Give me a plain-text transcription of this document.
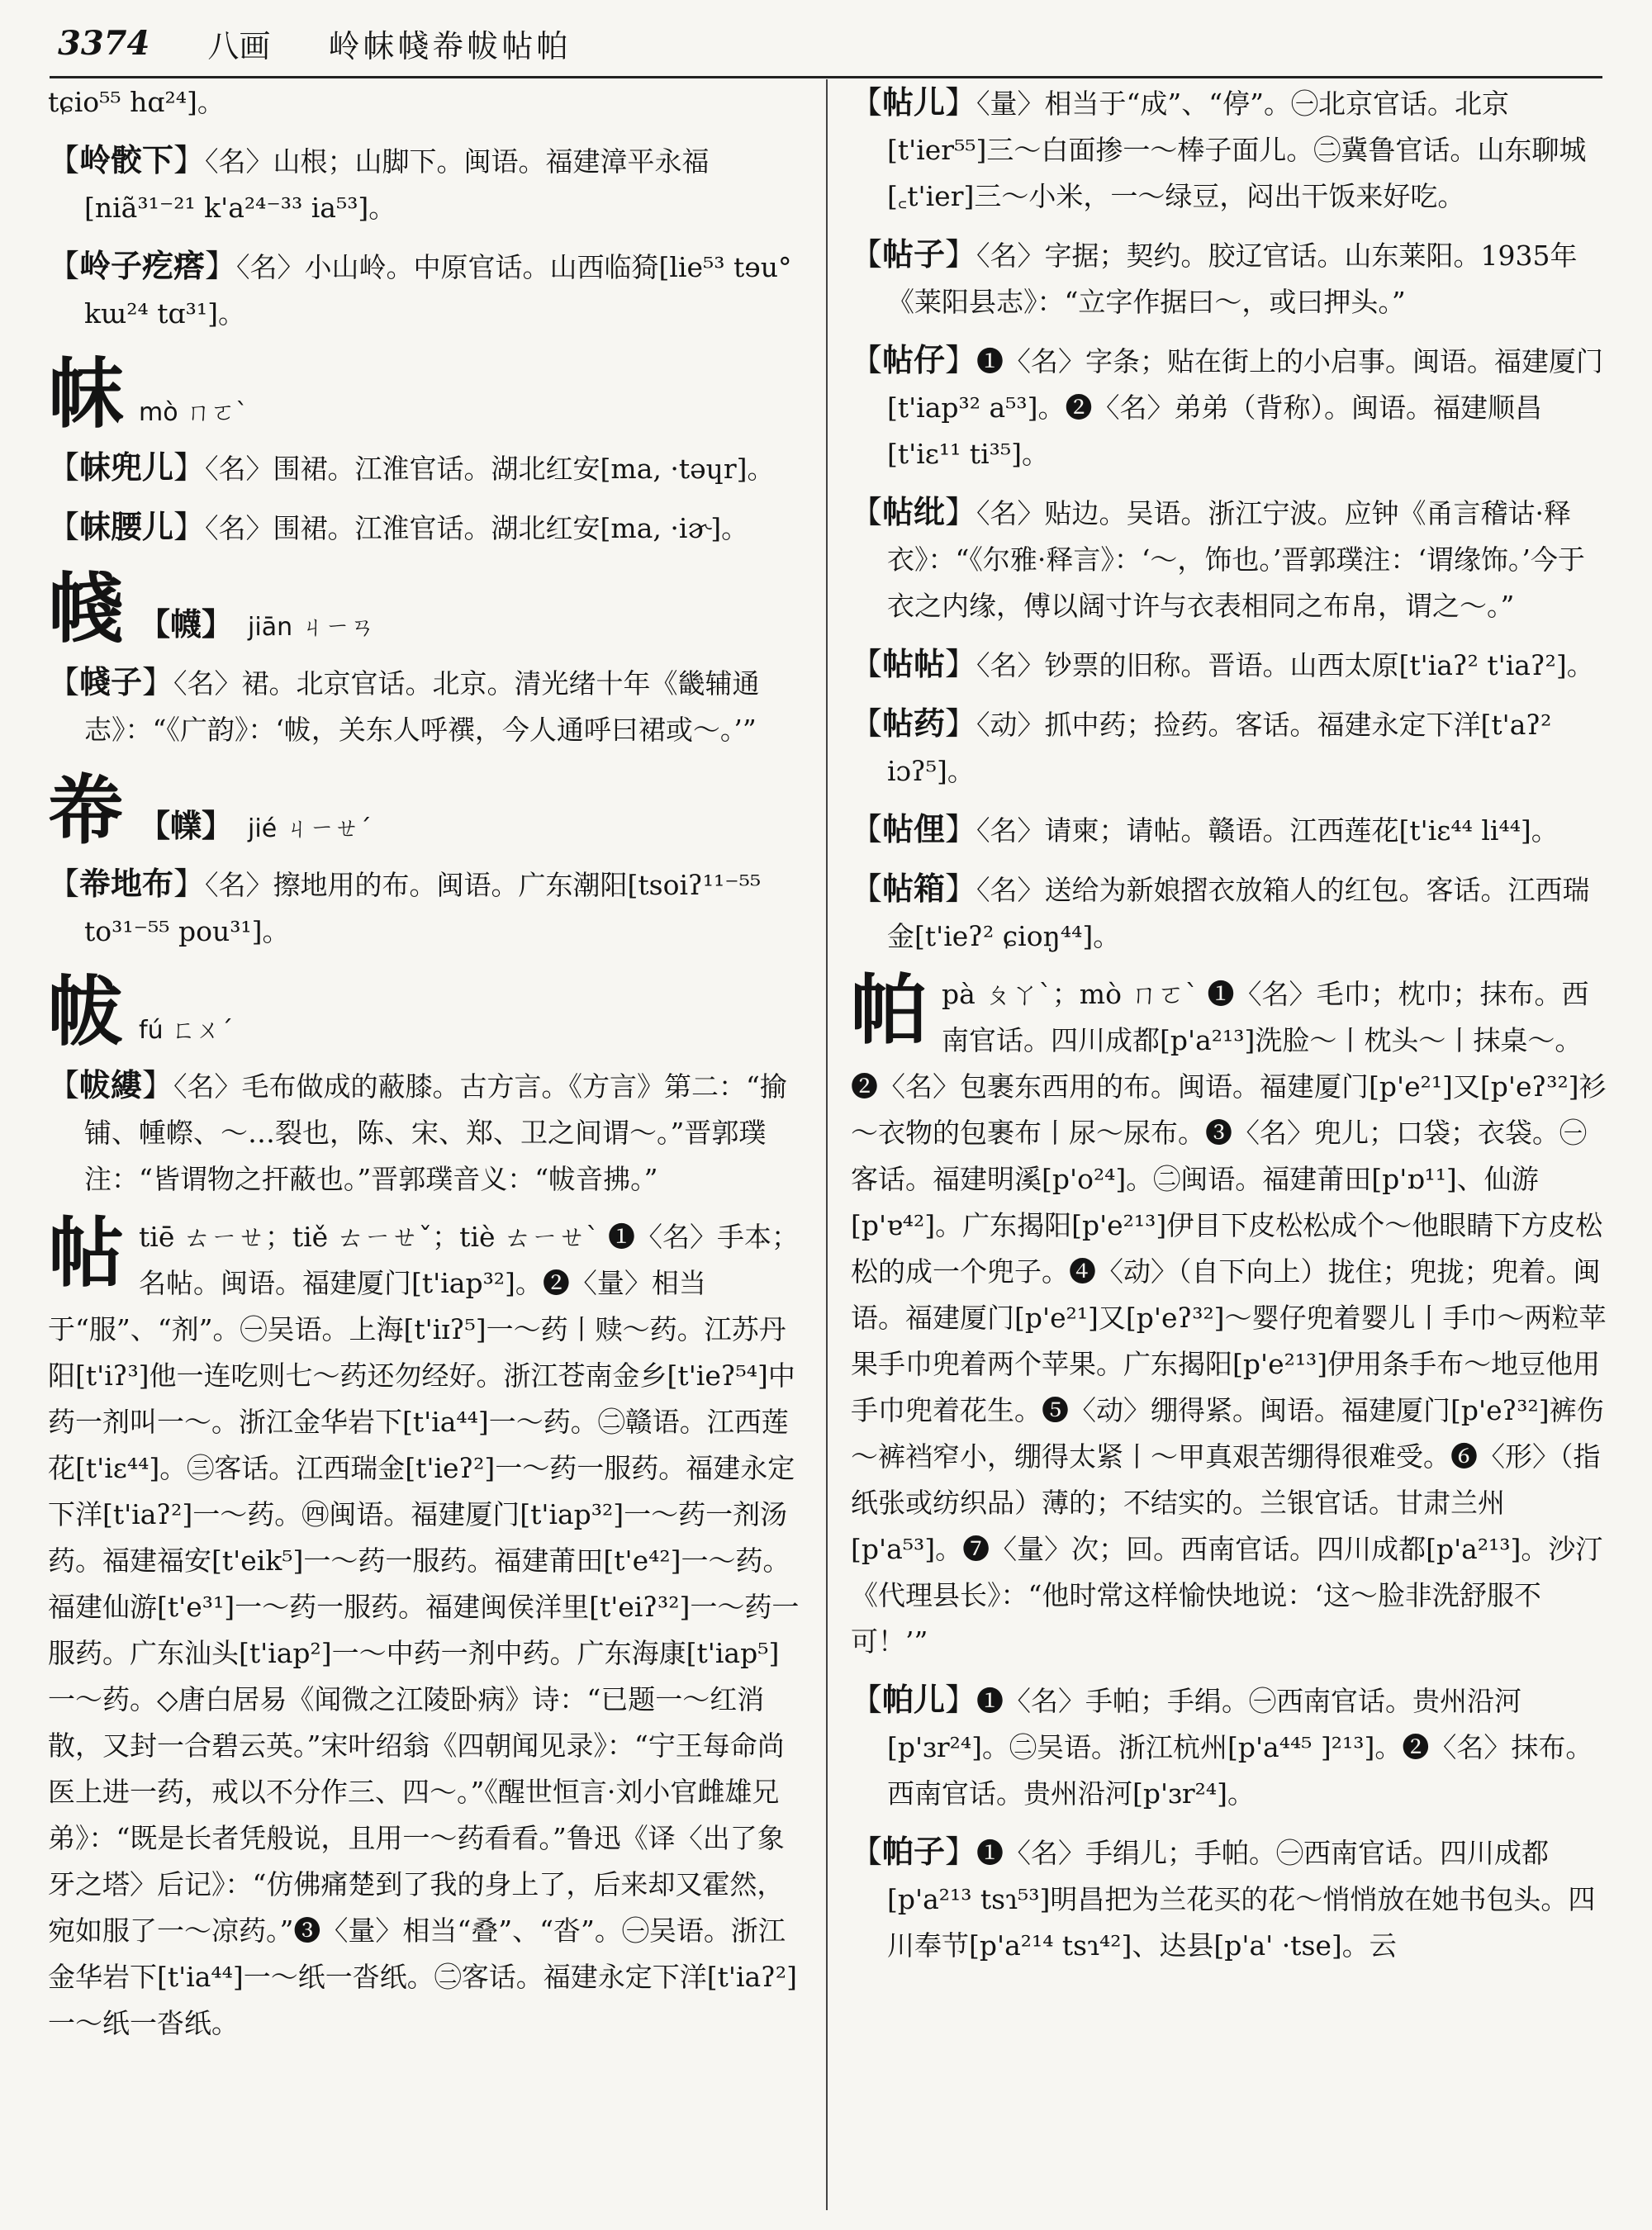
3374 八画 岭帓帴帣帗帖帕

tɕio⁵⁵ hɑ²⁴]。

【 岭骹下 】 〈名〉山根；山脚下。闽语。福建漳平永福[niã³¹⁻²¹ k'a²⁴⁻³³ ia⁵³]。

【 岭子疙瘩 】 〈名〉小山岭。中原官话。山西临猗[lie⁵³ tɘu° kɯ²⁴ tɑ³¹]。

帓 mò ㄇㄛˋ

【 帓兜儿 】 〈名〉围裙。江淮官话。湖北红安[ma, ·təɥr]。

【 帓腰儿 】 〈名〉围裙。江淮官话。湖北红安[ma, ·iɚ]。

帴 【幭】 jiān ㄐㄧㄢ

【 帴子 】 〈名〉裙。北京官话。北京。清光绪十年《畿辅通志》：“《广韵》：‘帗，关东人呼襈，今人通呼曰裙或～。’”

帣 【㡤】 jié ㄐㄧㄝˊ

【 帣地布 】 〈名〉擦地用的布。闽语。广东潮阳[tsoiʔ¹¹⁻⁵⁵ to³¹⁻⁵⁵ pou³¹]。

帗 fú ㄈㄨˊ

【 帗縷 】 〈名〉毛布做成的蔽膝。古方言。《方言》第二：“揄铺、㡖㡜、～…裂也，陈、宋、郑、卫之间谓～。”晋郭璞注：“皆谓物之扞蔽也。”晋郭璞音义：“帗音拂。”

帖 tiē ㄊㄧㄝ；tiě ㄊㄧㄝˇ；tiè ㄊㄧㄝˋ ❶〈名〉手本；名帖。闽语。福建厦门[t'iap³²]。❷〈量〉相当于“服”、“剂”。㊀吴语。上海[t'iɪʔ⁵]一～药丨赎～药。江苏丹阳[t'iʔ³]他一连吃则七～药还勿经好。浙江苍南金乡[t'ieʔ⁵⁴]中药一剂叫一～。浙江金华岩下[t'ia⁴⁴]一～药。㊁赣语。江西莲花[t'iɛ⁴⁴]。㊂客话。江西瑞金[t'ieʔ²]一～药一服药。福建永定下洋[t'iaʔ²]一～药。㊃闽语。福建厦门[t'iap³²]一～药一剂汤药。福建福安[t'eik⁵]一～药一服药。福建莆田[t'e⁴²]一～药。福建仙游[t'e³¹]一～药一服药。福建闽侯洋里[t'eiʔ³²]一～药一服药。广东汕头[t'iap²]一～中药一剂中药。广东海康[t'iap⁵]一～药。◇唐白居易《闻微之江陵卧病》诗：“已题一～红消散，又封一合碧云英。”宋叶绍翁《四朝闻见录》：“宁王每命尚医上进一药，戒以不分作三、四～。”《醒世恒言·刘小官雌雄兄弟》：“既是长者凭般说，且用一～药看看。”鲁迅《译〈出了象牙之塔〉后记》：“仿佛痛楚到了我的身上了，后来却又霍然，宛如服了一～凉药。”❸〈量〉相当“叠”、“沓”。㊀吴语。浙江金华岩下[t'ia⁴⁴]一～纸一沓纸。㊁客话。福建永定下洋[t'iaʔ²]一～纸一沓纸。

【 帖儿 】 〈量〉相当于“成”、“停”。㊀北京官话。北京[t'ier⁵⁵]三～白面掺一～棒子面儿。㊁冀鲁官话。山东聊城[꜀t'ier]三～小米，一～绿豆，闷出干饭来好吃。

【 帖子 】 〈名〉字据；契约。胶辽官话。山东莱阳。1935年《莱阳县志》：“立字作据曰～，或曰押头。”

【 帖仔 】 ❶〈名〉字条；贴在街上的小启事。闽语。福建厦门[t'iap³² a⁵³]。❷〈名〉弟弟（背称）。闽语。福建顺昌[t'iɛ¹¹ ti³⁵]。

【 帖纰 】 〈名〉贴边。吴语。浙江宁波。应钟《甬言稽诂·释衣》：“《尔雅·释言》：‘～，饰也。’晋郭璞注：‘谓缘饰。’今于衣之内缘，傅以阔寸许与衣表相同之布帛，谓之～。”

【 帖帖 】 〈名〉钞票的旧称。晋语。山西太原[t'iaʔ² t'iaʔ²]。

【 帖药 】 〈动〉抓中药；捡药。客话。福建永定下洋[t'aʔ² iɔʔ⁵]。

【 帖俚 】 〈名〉请柬；请帖。赣语。江西莲花[t'iɛ⁴⁴ li⁴⁴]。

【 帖箱 】 〈名〉送给为新娘摺衣放箱人的红包。客话。江西瑞金[t'ieʔ² ɕioŋ⁴⁴]。

帕 pà ㄆㄚˋ；mò ㄇㄛˋ ❶〈名〉毛巾；枕巾；抹布。西南官话。四川成都[p'a²¹³]洗脸～丨枕头～丨抹桌～。❷〈名〉包裹东西用的布。闽语。福建厦门[p'e²¹]又[p'eʔ³²]衫～衣物的包裹布丨尿～尿布。❸〈名〉兜儿；口袋；衣袋。㊀客话。福建明溪[p'o²⁴]。㊁闽语。福建莆田[p'ɒ¹¹]、仙游[p'ɐ⁴²]。广东揭阳[p'e²¹³]伊目下皮松松成个～他眼睛下方皮松松的成一个兜子。❹〈动〉（自下向上）拢住；兜拢；兜着。闽语。福建厦门[p'e²¹]又[p'eʔ³²]～婴仔兜着婴儿丨手巾～两粒苹果手巾兜着两个苹果。广东揭阳[p'e²¹³]伊用条手布～地豆他用手巾兜着花生。❺〈动〉绷得紧。闽语。福建厦门[p'eʔ³²]裤伤～裤裆窄小，绷得太紧丨～甲真艰苦绷得很难受。❻〈形〉（指纸张或纺织品）薄的；不结实的。兰银官话。甘肃兰州[p'a⁵³]。❼〈量〉次；回。西南官话。四川成都[p'a²¹³]。沙汀《代理县长》：“他时常这样愉快地说：‘这～脸非洗舒服不可！’”

【 帕儿 】 ❶〈名〉手帕；手绢。㊀西南官话。贵州沿河[p'ɜr²⁴]。㊁吴语。浙江杭州[p'a⁴⁴⁵ ]²¹³]。❷〈名〉抹布。西南官话。贵州沿河[p'ɜr²⁴]。

【 帕子 】 ❶〈名〉手绢儿；手帕。㊀西南官话。四川成都[p'a²¹³ tsɿ⁵³]明昌把为兰花买的花～悄悄放在她书包头。四川奉节[p'a²¹⁴ tsɿ⁴²]、达县[p'a' ·tse]。云
